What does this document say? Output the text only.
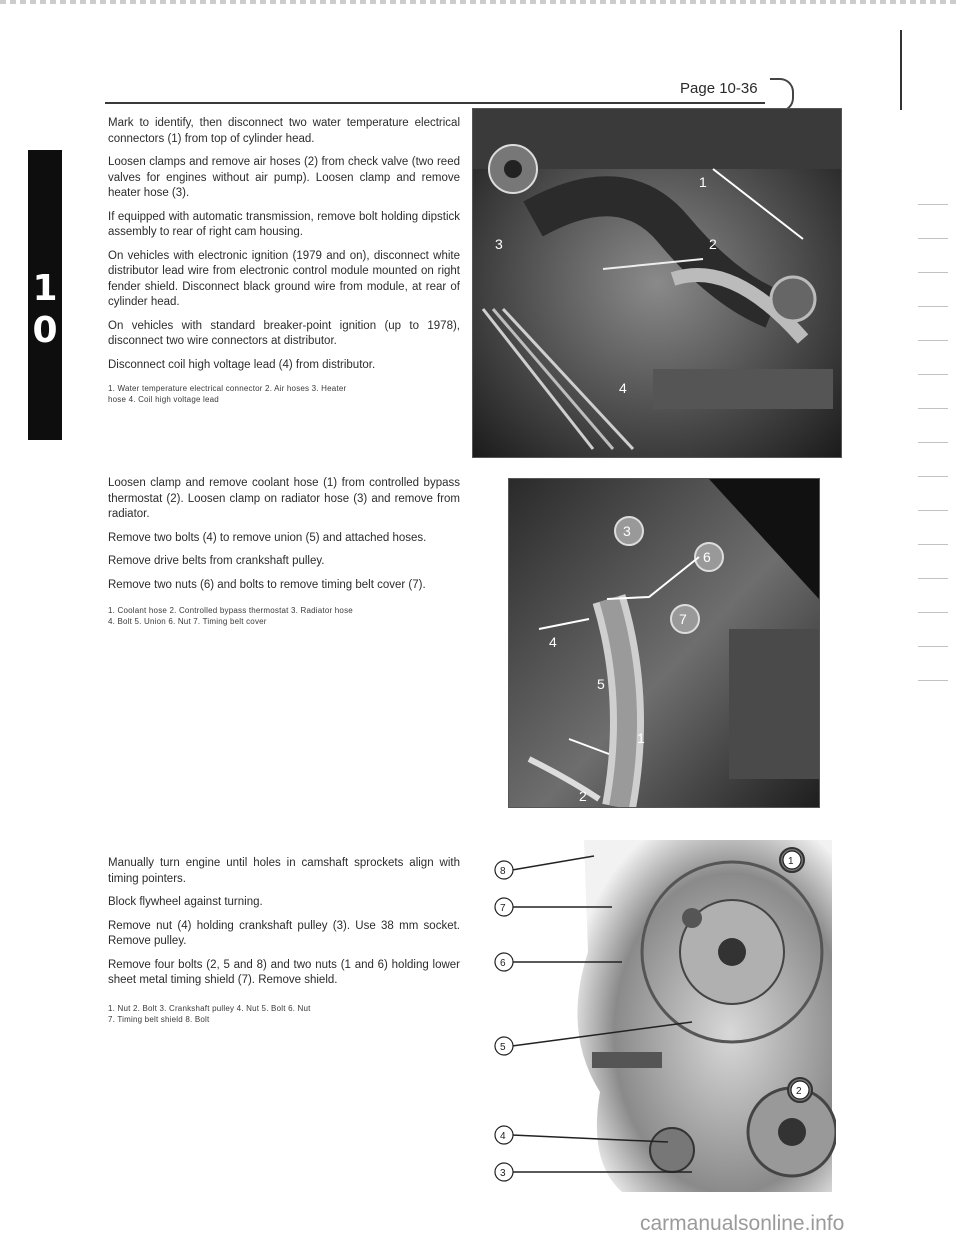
Page 10-36
1
0

Mark to identify, then disconnect two water temperature electrical connectors (1) from top of cylinder head.

Loosen clamps and remove air hoses (2) from check valve (two reed valves for engines without air pump). Loosen clamp and remove heater hose (3).

If equipped with automatic transmission, remove bolt holding dipstick assembly to rear of right cam housing.

On vehicles with electronic ignition (1979 and on), disconnect white distributor lead wire from electronic control module mounted on right fender shield. Disconnect black ground wire from module, at rear of cylinder head.

On vehicles with standard breaker-point ignition (up to 1978), disconnect two wire connectors at distributor.

Disconnect coil high voltage lead (4) from distributor.

1. Water temperature electrical connector 2. Air hoses 3. Heater
hose 4. Coil high voltage lead
3	2
4
1

Loosen clamp and remove coolant hose (1) from controlled bypass thermostat (2). Loosen clamp on radiator hose (3) and remove from radiator.

Remove two bolts (4) to remove union (5) and attached hoses.

Remove drive belts from crankshaft pulley.

Remove two nuts (6) and bolts to remove timing belt cover (7).

1. Coolant hose 2. Controlled bypass thermostat 3. Radiator hose
4. Bolt 5. Union 6. Nut 7. Timing belt cover
3
6
4
5
7
1
2

Manually turn engine until holes in camshaft sprockets align with timing pointers.

Block flywheel against turning.

Remove nut (4) holding crankshaft pulley (3). Use 38 mm socket. Remove pulley.

Remove four bolts (2, 5 and 8) and two nuts (1 and 6) holding lower sheet metal timing shield (7). Remove shield.

1. Nut 2. Bolt 3. Crankshaft pulley 4. Nut 5. Bolt 6. Nut
7. Timing belt shield 8. Bolt
8
7
6
5
1
2
4
3
carmanualsonline.info
